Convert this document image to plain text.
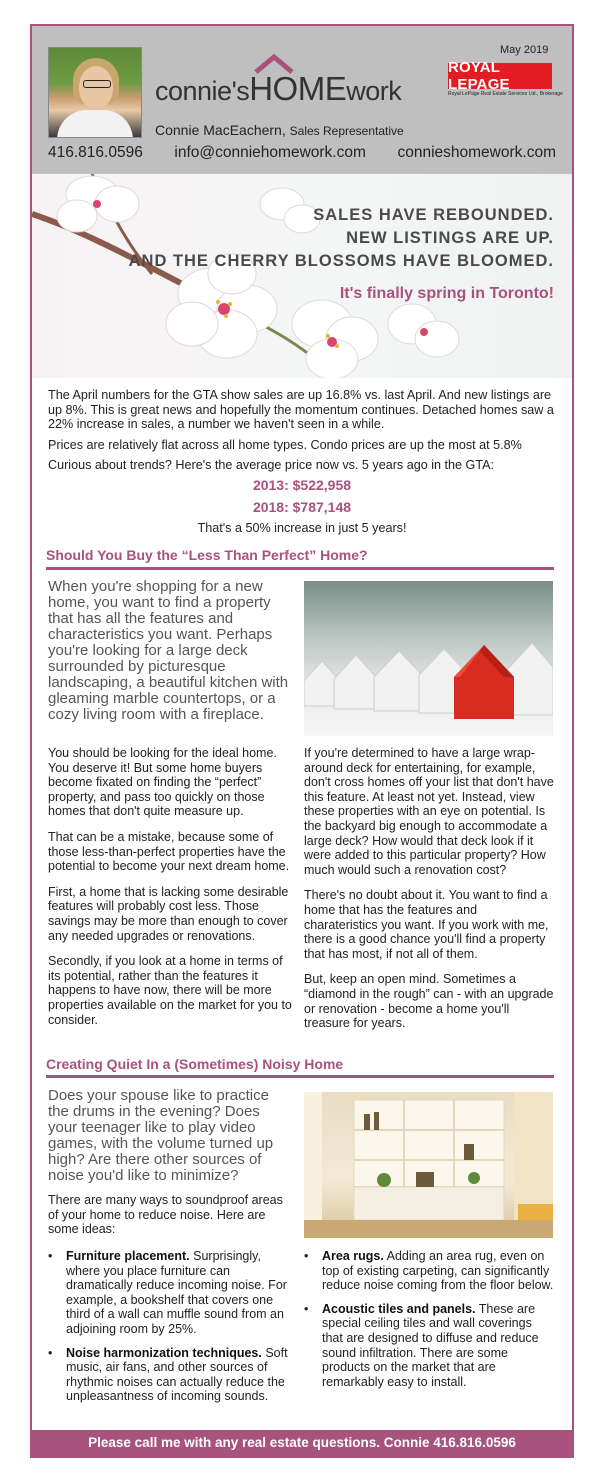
connie'sHOMEwork
May 2019
ROYAL LEPAGE
Royal LePage Real Estate Services Ltd., Brokerage
Connie MacEachern, Sales Representative
416.816.0596 info@conniehomework.com connieshomework.com
SALES HAVE REBOUNDED.
NEW LISTINGS ARE UP.
AND THE CHERRY BLOSSOMS HAVE BLOOMED.
It's finally spring in Toronto!

The April numbers for the GTA show sales are up 16.8% vs. last April. And new listings are up 8%. This is great news and hopefully the momentum continues. Detached homes saw a 22% increase in sales, a number we haven't seen in a while.

Prices are relatively flat across all home types. Condo prices are up the most at 5.8%

Curious about trends? Here's the average price now vs. 5 years ago in the GTA:

2013: $522,958
2018: $787,148
That's a 50% increase in just 5 years!
Should You Buy the “Less Than Perfect” Home?
When you're shopping for a new home, you want to find a property that has all the features and characteristics you want. Perhaps you're looking for a large deck surrounded by picturesque landscaping, a beautiful kitchen with gleaming marble countertops, or a cozy living room with a fireplace.

You should be looking for the ideal home. You deserve it! But some home buyers become fixated on finding the “perfect” property, and pass too quickly on those homes that don't quite measure up.

That can be a mistake, because some of those less-than-perfect properties have the potential to become your next dream home.

First, a home that is lacking some desirable features will probably cost less. Those savings may be more than enough to cover any needed upgrades or renovations.

Secondly, if you look at a home in terms of its potential, rather than the features it happens to have now, there will be more properties available on the market for you to consider.

If you're determined to have a large wrap-around deck for entertaining, for example, don't cross homes off your list that don't have this feature. At least not yet. Instead, view these properties with an eye on potential. Is the backyard big enough to accommodate a large deck? How would that deck look if it were added to this particular property? How much would such a renovation cost?

There's no doubt about it. You want to find a home that has the features and charateristics you want. If you work with me, there is a good chance you'll find a property that has most, if not all of them.

But, keep an open mind. Sometimes a “diamond in the rough” can - with an upgrade or renovation - become a home you'll treasure for years.

Creating Quiet In a (Sometimes) Noisy Home
Does your spouse like to practice the drums in the evening? Does your teenager like to play video games, with the volume turned up high? Are there other sources of noise you'd like to minimize?
There are many ways to soundproof areas of your home to reduce noise. Here are some ideas:
• Furniture placement. Surprisingly, where you place furniture can dramatically reduce incoming noise. For example, a bookshelf that covers one third of a wall can muffle sound from an adjoining room by 25%.
• Noise harmonization techniques. Soft music, air fans, and other sources of rhythmic noises can actually reduce the unpleasantness of incoming sounds.
• Area rugs. Adding an area rug, even on top of existing carpeting, can significantly reduce noise coming from the floor below.
• Acoustic tiles and panels. These are special ceiling tiles and wall coverings that are designed to diffuse and reduce sound infiltration. There are some products on the market that are remarkably easy to install.
Please call me with any real estate questions. Connie 416.816.0596
